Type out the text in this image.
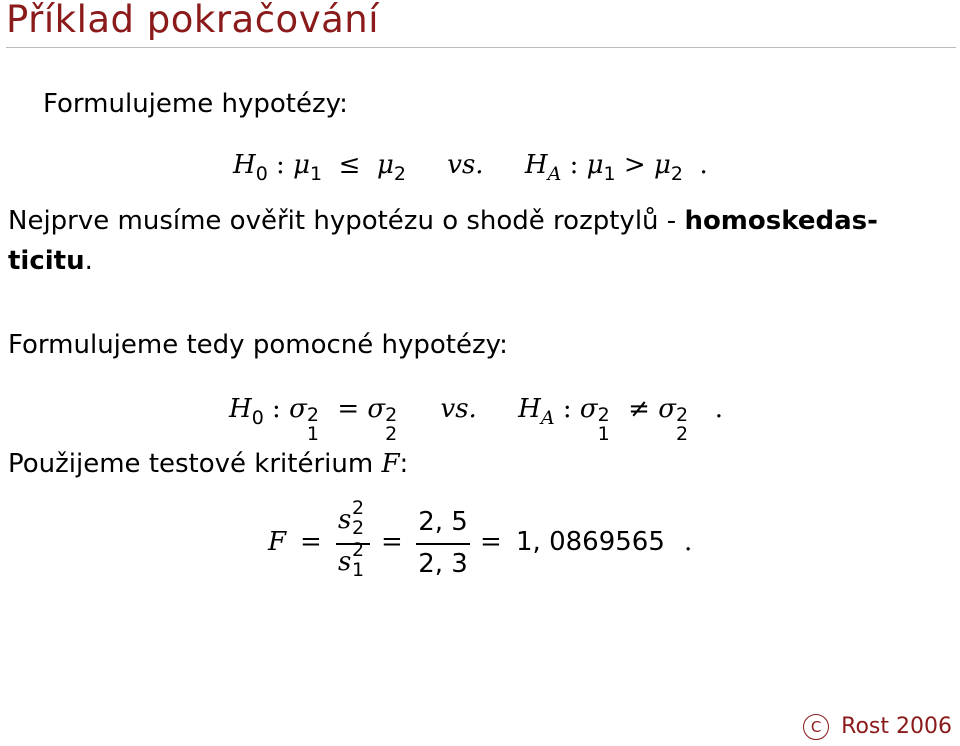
Příklad pokračování
Formulujeme hypotézy:
$H_0$ : $\mu_1 \le \mu_2$ vs. $H_A$ : $\mu_1 > \mu_2$ .
Nejprve musíme ověřit hypotézu o shodě rozptylů - homoskedas-
ticitu.
Formulujeme tedy pomocné hypotézy:
$H_0$ : σ 2
1
= σ 2
2
vs. $H_A$ : σ 2
1
≠ σ 2
2
.
Použijeme testové kritérium F:
F =
s 2
2
s 2
1
=
2, 5
2, 3
= 1, 0869565 .
C Rost 2006
